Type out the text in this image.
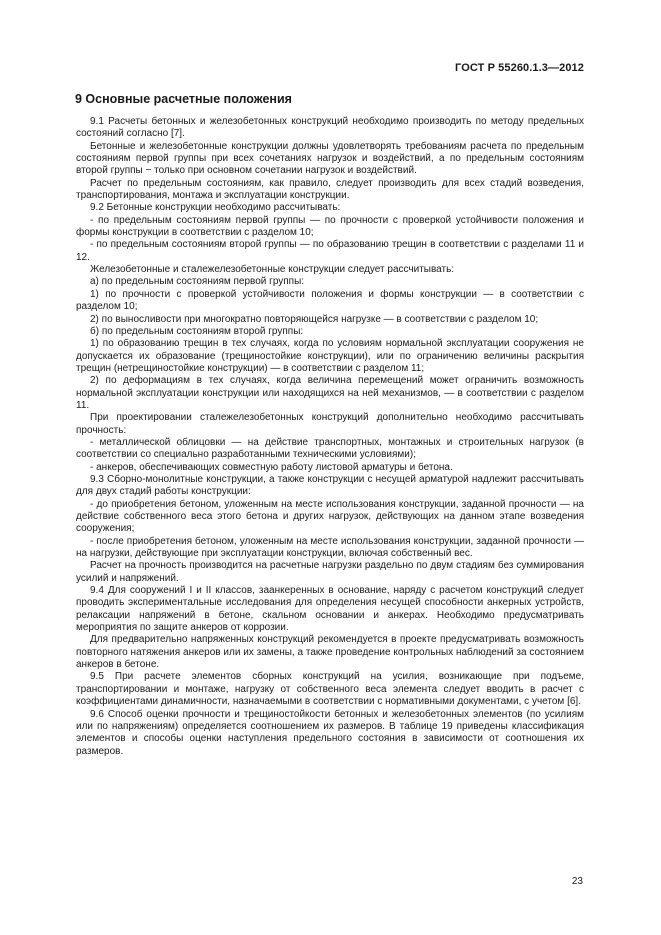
ГОСТ Р 55260.1.3—2012
9 Основные расчетные положения

9.1 Расчеты бетонных и железобетонных конструкций необходимо производить по методу предельных состояний согласно [7].

Бетонные и железобетонные конструкции должны удовлетворять требованиям расчета по предельным состояниям первой группы при всех сочетаниях нагрузок и воздействий, а по предельным состояниям второй группы − только при основном сочетании нагрузок и воздействий.

Расчет по предельным состояниям, как правило, следует производить для всех стадий возведения, транспортирования, монтажа и эксплуатации конструкции.

9.2 Бетонные конструкции необходимо рассчитывать:

- по предельным состояниям первой группы — по прочности с проверкой устойчивости положения и формы конструкции в соответствии с разделом 10;

- по предельным состояниям второй группы — по образованию трещин в соответствии с разделами 11 и 12.

Железобетонные и сталежелезобетонные конструкции следует рассчитывать:

а) по предельным состояниям первой группы:

1) по прочности с проверкой устойчивости положения и формы конструкции — в соответствии с разделом 10;

2) по выносливости при многократно повторяющейся нагрузке — в соответствии с разделом 10;

б) по предельным состояниям второй группы:

1) по образованию трещин в тех случаях, когда по условиям нормальной эксплуатации сооружения не допускается их образование (трещиностойкие конструкции), или по ограничению величины раскрытия трещин (нетрещиностойкие конструкции) — в соответствии с разделом 11;

2) по деформациям в тех случаях, когда величина перемещений может ограничить возможность нормальной эксплуатации конструкции или находящихся на ней механизмов, — в соответствии с разделом 11.

При проектировании сталежелезобетонных конструкций дополнительно необходимо рассчитывать прочность:

- металлической облицовки — на действие транспортных, монтажных и строительных нагрузок (в соответствии со специально разработанными техническими условиями);

- анкеров, обеспечивающих совместную работу листовой арматуры и бетона.

9.3 Сборно-монолитные конструкции, а также конструкции с несущей арматурой надлежит рассчитывать для двух стадий работы конструкции:

- до приобретения бетоном, уложенным на месте использования конструкции, заданной прочности — на действие собственного веса этого бетона и других нагрузок, действующих на данном этапе возведения сооружения;

- после приобретения бетоном, уложенным на месте использования конструкции, заданной прочности — на нагрузки, действующие при эксплуатации конструкции, включая собственный вес.

Расчет на прочность производится на расчетные нагрузки раздельно по двум стадиям без суммирования усилий и напряжений.

9.4 Для сооружений I и II классов, заанкеренных в основание, наряду с расчетом конструкций следует проводить экспериментальные исследования для определения несущей способности анкерных устройств, релаксации напряжений в бетоне, скальном основании и анкерах. Необходимо предусматривать мероприятия по защите анкеров от коррозии.

Для предварительно напряженных конструкций рекомендуется в проекте предусматривать возможность повторного натяжения анкеров или их замены, а также проведение контрольных наблюдений за состоянием анкеров в бетоне.

9.5 При расчете элементов сборных конструкций на усилия, возникающие при подъеме, транспортировании и монтаже, нагрузку от собственного веса элемента следует вводить в расчет с коэффициентами динамичности, назначаемыми в соответствии с нормативными документами, с учетом [6].

9.6 Способ оценки прочности и трещиностойкости бетонных и железобетонных элементов (по усилиям или по напряжениям) определяется соотношением их размеров. В таблице 19 приведены классификация элементов и способы оценки наступления предельного состояния в зависимости от соотношения их размеров.

23
